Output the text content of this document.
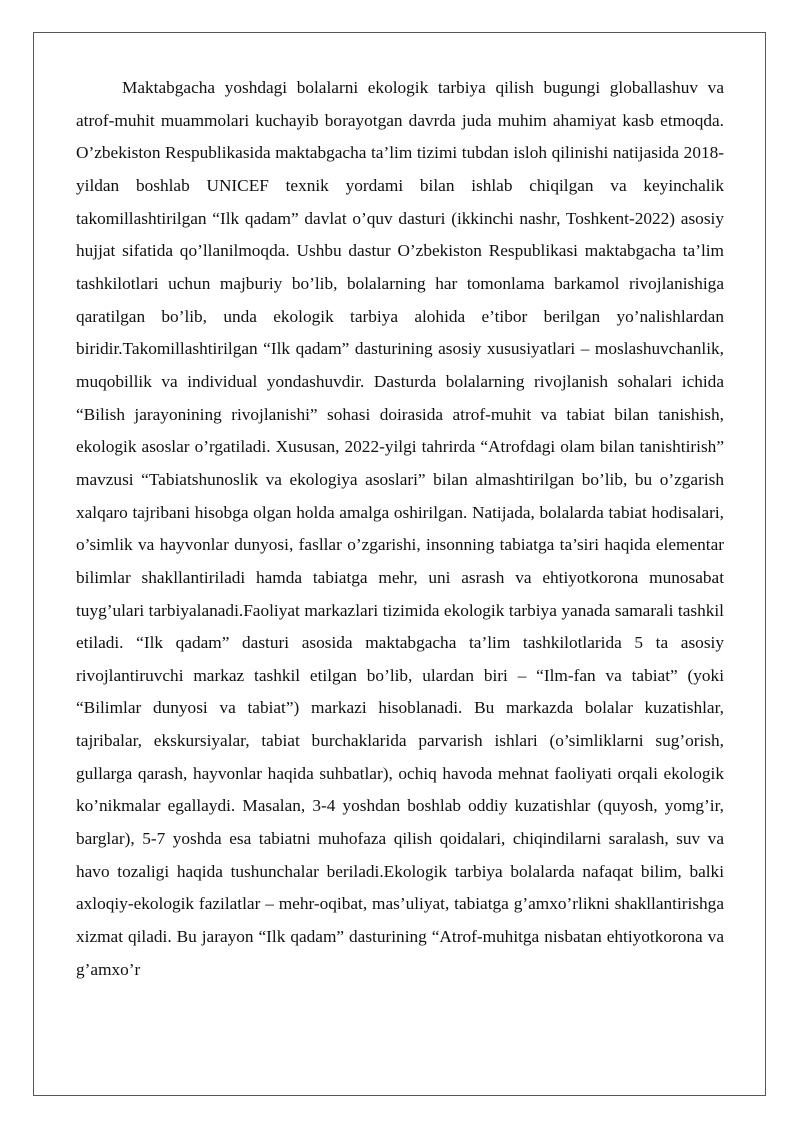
Maktabgacha yoshdagi bolalarni ekologik tarbiya qilish bugungi globallashuv va atrof-muhit muammolari kuchayib borayotgan davrda juda muhim ahamiyat kasb etmoqda. O’zbekiston Respublikasida maktabgacha ta’lim tizimi tubdan isloh qilinishi natijasida 2018-yildan boshlab UNICEF texnik yordami bilan ishlab chiqilgan va keyinchalik takomillashtirilgan “Ilk qadam” davlat o’quv dasturi (ikkinchi nashr, Toshkent-2022) asosiy hujjat sifatida qo’llanilmoqda. Ushbu dastur O’zbekiston Respublikasi maktabgacha ta’lim tashkilotlari uchun majburiy bo’lib, bolalarning har tomonlama barkamol rivojlanishiga qaratilgan bo’lib, unda ekologik tarbiya alohida e’tibor berilgan yo’nalishlardan biridir.Takomillashtirilgan “Ilk qadam” dasturining asosiy xususiyatlari – moslashuvchanlik, muqobillik va individual yondashuvdir. Dasturda bolalarning rivojlanish sohalari ichida “Bilish jarayonining rivojlanishi” sohasi doirasida atrof-muhit va tabiat bilan tanishish, ekologik asoslar o’rgatiladi. Xususan, 2022-yilgi tahrirda “Atrofdagi olam bilan tanishtirish” mavzusi “Tabiatshunoslik va ekologiya asoslari” bilan almashtirilgan bo’lib, bu o’zgarish xalqaro tajribani hisobga olgan holda amalga oshirilgan. Natijada, bolalarda tabiat hodisalari, o’simlik va hayvonlar dunyosi, fasllar o’zgarishi, insonning tabiatga ta’siri haqida elementar bilimlar shakllantiriladi hamda tabiatga mehr, uni asrash va ehtiyotkorona munosabat tuyg’ulari tarbiyalanadi.Faoliyat markazlari tizimida ekologik tarbiya yanada samarali tashkil etiladi. “Ilk qadam” dasturi asosida maktabgacha ta’lim tashkilotlarida 5 ta asosiy rivojlantiruvchi markaz tashkil etilgan bo’lib, ulardan biri – “Ilm-fan va tabiat” (yoki “Bilimlar dunyosi va tabiat”) markazi hisoblanadi. Bu markazda bolalar kuzatishlar, tajribalar, ekskursiyalar, tabiat burchaklarida parvarish ishlari (o’simliklarni sug’orish, gullarga qarash, hayvonlar haqida suhbatlar), ochiq havoda mehnat faoliyati orqali ekologik ko’nikmalar egallaydi. Masalan, 3-4 yoshdan boshlab oddiy kuzatishlar (quyosh, yomg’ir, barglar), 5-7 yoshda esa tabiatni muhofaza qilish qoidalari, chiqindilarni saralash, suv va havo tozaligi haqida tushunchalar beriladi.Ekologik tarbiya bolalarda nafaqat bilim, balki axloqiy-ekologik fazilatlar – mehr-oqibat, mas’uliyat, tabiatga g’amxo’rlikni shakllantirishga xizmat qiladi. Bu jarayon “Ilk qadam” dasturining “Atrof-muhitga nisbatan ehtiyotkorona va g’amxo’r
